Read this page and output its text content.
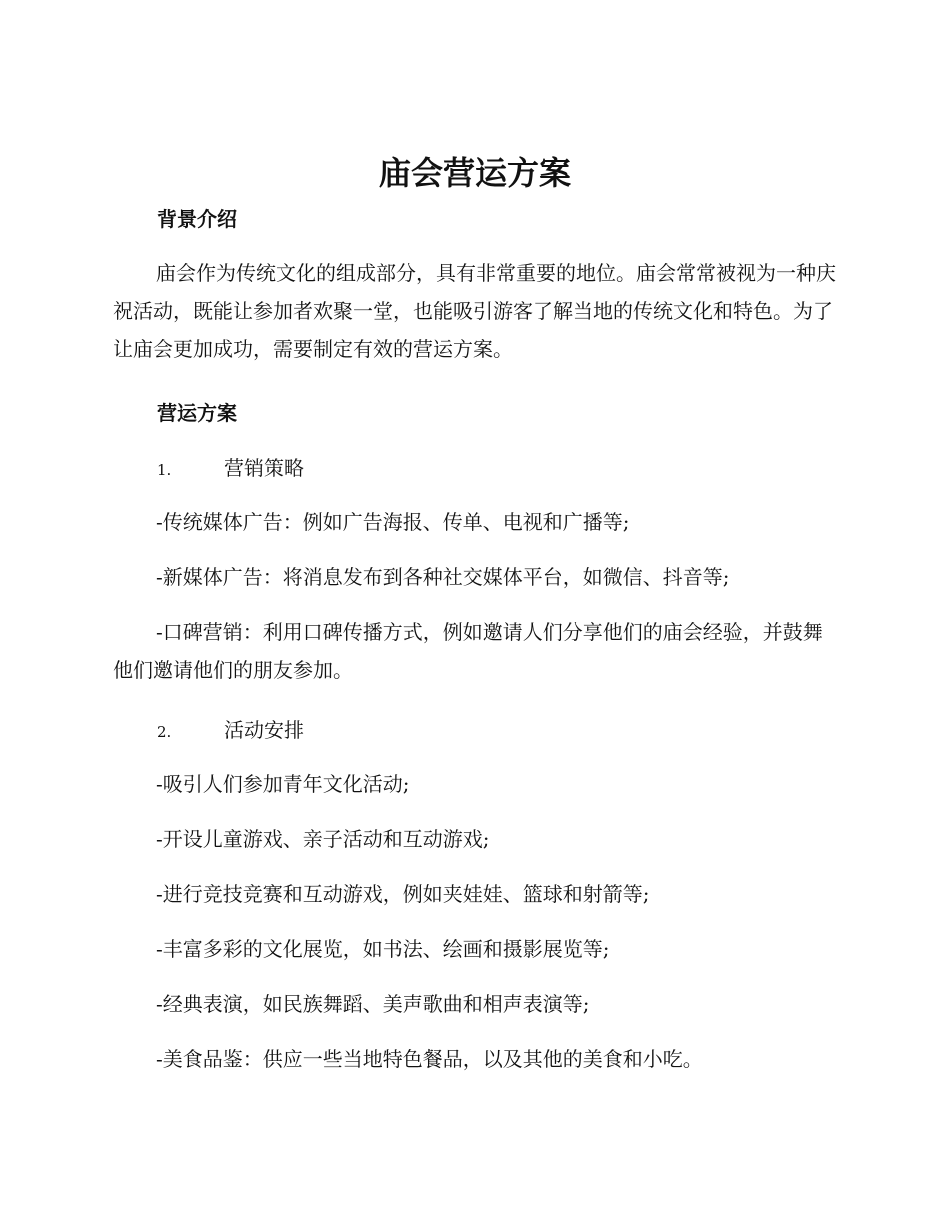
庙会营运方案
背景介绍

庙会作为传统文化的组成部分，具有非常重要的地位。庙会常常被视为一种庆祝活动，既能让参加者欢聚一堂，也能吸引游客了解当地的传统文化和特色。为了让庙会更加成功，需要制定有效的营运方案。

营运方案
1.	营销策略

-传统媒体广告：例如广告海报、传单、电视和广播等;

-新媒体广告：将消息发布到各种社交媒体平台，如微信、抖音等;

-口碑营销：利用口碑传播方式，例如邀请人们分享他们的庙会经验，并鼓舞他们邀请他们的朋友参加。

2.	活动安排

-吸引人们参加青年文化活动;

-开设儿童游戏、亲子活动和互动游戏;

-进行竞技竞赛和互动游戏，例如夹娃娃、篮球和射箭等;

-丰富多彩的文化展览，如书法、绘画和摄影展览等;

-经典表演，如民族舞蹈、美声歌曲和相声表演等;

-美食品鉴：供应一些当地特色餐品，以及其他的美食和小吃。
